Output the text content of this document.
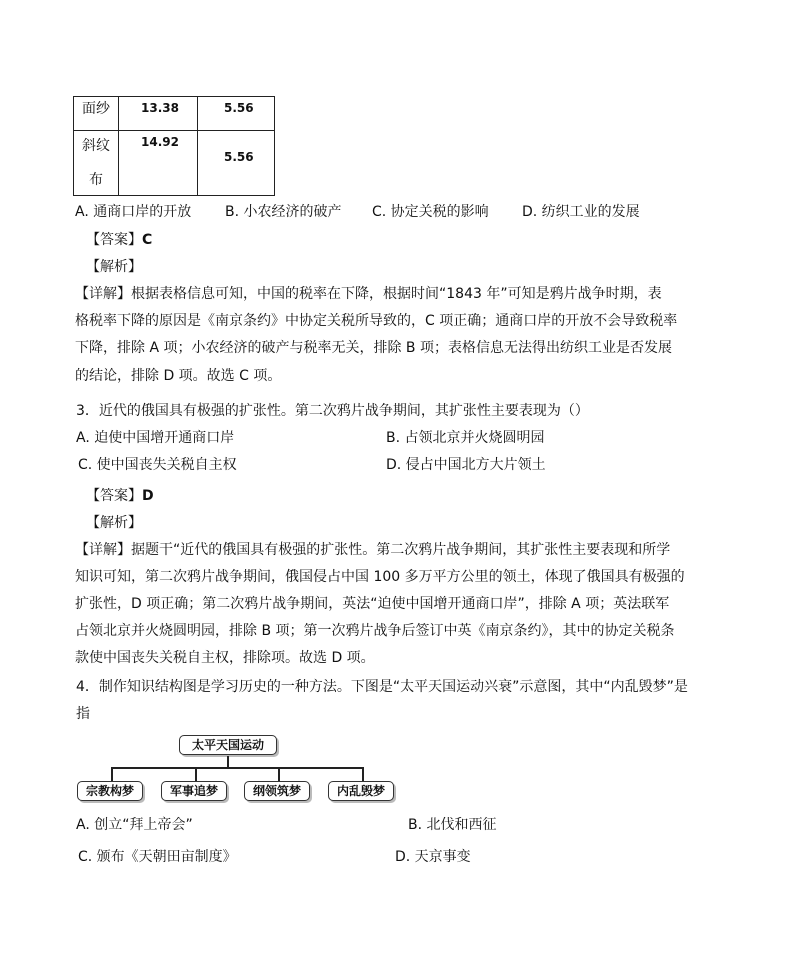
面纱	13.38	5.56

斜纹
布	14.92	5.56
A. 通商口岸的开放 B. 小农经济的破产 C. 协定关税的影响 D. 纺织工业的发展
【答案】C
【解析】
【详解】根据表格信息可知，中国的税率在下降，根据时间“1843 年”可知是鸦片战争时期，表
格税率下降的原因是《南京条约》中协定关税所导致的，C 项正确；通商口岸的开放不会导致税率
下降，排除 A 项；小农经济的破产与税率无关，排除 B 项；表格信息无法得出纺织工业是否发展
的结论，排除 D 项。故选 C 项。
3．近代的俄国具有极强的扩张性。第二次鸦片战争期间，其扩张性主要表现为（）
A. 迫使中国增开通商口岸	B. 占领北京并火烧圆明园
C. 使中国丧失关税自主权	D. 侵占中国北方大片领土
【答案】D
【解析】
【详解】据题干“近代的俄国具有极强的扩张性。第二次鸦片战争期间，其扩张性主要表现和所学
知识可知，第二次鸦片战争期间，俄国侵占中国 100 多万平方公里的领土，体现了俄国具有极强的
扩张性，D 项正确；第二次鸦片战争期间，英法“迫使中国增开通商口岸”，排除 A 项；英法联军
占领北京并火烧圆明园，排除 B 项；第一次鸦片战争后签订中英《南京条约》，其中的协定关税条
款使中国丧失关税自主权，排除项。故选 D 项。
4．制作知识结构图是学习历史的一种方法。下图是“太平天国运动兴衰”示意图，其中“内乱毁梦”是
指
太平天国运动
宗教构梦	军事追梦	纲领筑梦	内乱毁梦
A. 创立“拜上帝会”	B. 北伐和西征
C. 颁布《天朝田亩制度》	D. 天京事变
